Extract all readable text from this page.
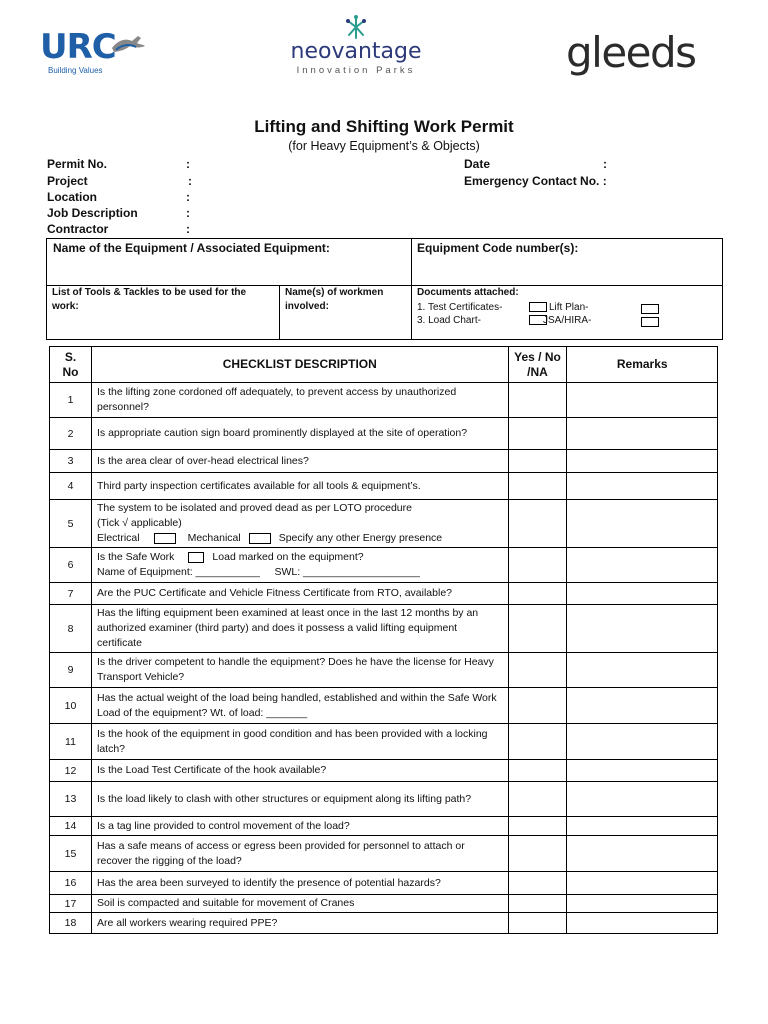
URC
Building Values
neovantage
Innovation Parks	gleeds
Lifting and Shifting Work Permit
(for Heavy Equipment’s & Objects)
Permit No.	:
Project	:
Location	:
Job Description	:
Contractor	:
Date	:
Emergency Contact No. :
Name of the Equipment / Associated Equipment:	Equipment Code number(s):
List of Tools & Tackles to be used for the work:
Name(s) of workmen involved:
Documents attached:
1. Test Certificates-	Lift Plan-
3. Load Chart-	JSA/HIRA-
S. No	CHECKLIST DESCRIPTION	Yes / No /NA	Remarks
1	Is the lifting zone cordoned off adequately, to prevent access by unauthorized personnel?		
2	Is appropriate caution sign board prominently displayed at the site of operation?		
3	Is the area clear of over-head electrical lines?		
4	Third party inspection certificates available for all tools & equipment’s.		
5	The system to be isolated and proved dead as per LOTO procedure
(Tick √ applicable)
Electrical Mechanical Specify any other Energy presence		

6	Is the Safe Work Load marked on the equipment?
Name of Equipment: ___________     SWL: ____________________		

7	Are the PUC Certificate and Vehicle Fitness Certificate from RTO, available?		
8	Has the lifting equipment been examined at least once in the last 12 months by an authorized examiner (third party) and does it possess a valid lifting equipment certificate		
9	Is the driver competent to handle the equipment? Does he have the license for Heavy Transport Vehicle?		
10	Has the actual weight of the load being handled, established and within the Safe Work Load of the equipment? Wt. of load: _______		
11	Is the hook of the equipment in good condition and has been provided with a locking latch?		
12	Is the Load Test Certificate of the hook available?		
13	Is the load likely to clash with other structures or equipment along its lifting path?		
14	Is a tag line provided to control movement of the load?		
15	Has a safe means of access or egress been provided for personnel to attach or recover the rigging of the load?		
16	Has the area been surveyed to identify the presence of potential hazards?		
17	Soil is compacted and suitable for movement of Cranes		
18	Are all workers wearing required PPE?		
